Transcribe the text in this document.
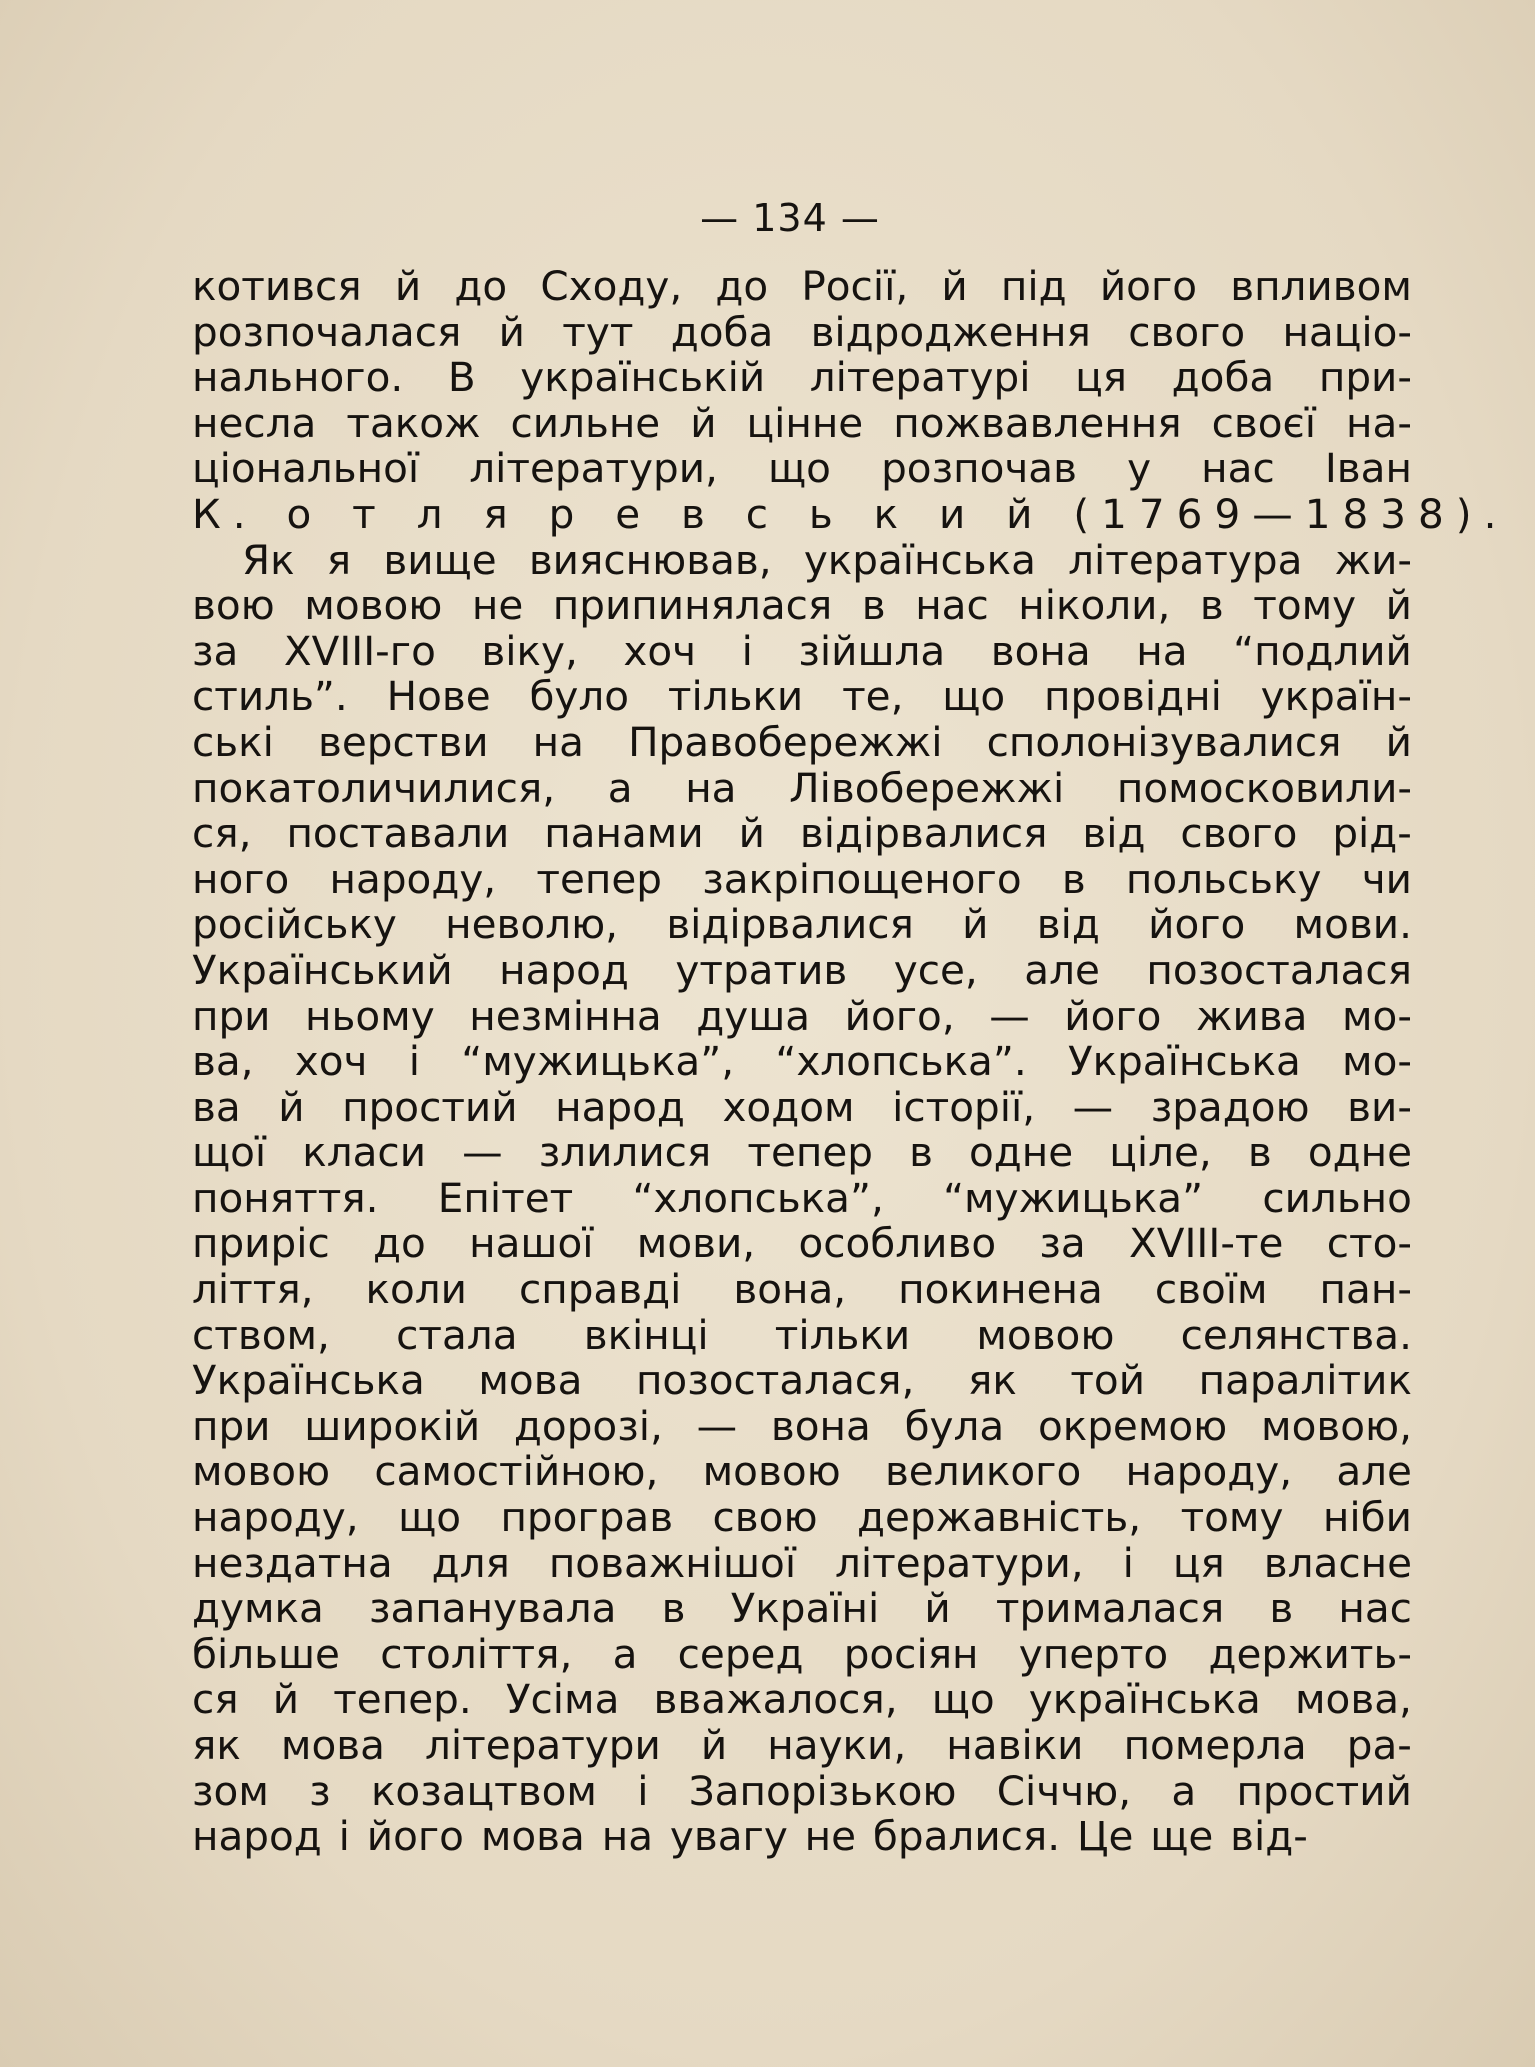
— 134 —
котився й до Сходу, до Росії, й під його впливом
розпочалася й тут доба відродження свого націо-
нального. В українській літературі ця доба при-
несла також сильне й цінне пожвавлення своєї на-
ціональної літератури, що розпочав у нас Іван
К. о т л я р е в с ь к и й (1769—1838).
Як я вище вияснював, українська література жи-
вою мовою не припинялася в нас ніколи, в тому й
за XVIII-го віку, хоч і зійшла вона на “подлий
стиль”. Нове було тільки те, що провідні украïн-
ські верстви на Правобережжі сполонізувалися й
покатоличилися, а на Лівобережжі помосковили-
ся, поставали панами й відірвалися від свого рід-
ного народу, тепер закріпощеного в польську чи
російську неволю, відірвалися й від його мови.
Український народ утратив усе, але позосталася
при ньому незмінна душа його, — його жива мо-
ва, хоч і “мужицька”, “хлопська”. Українська мо-
ва й простий народ ходом історії, — зрадою ви-
щої класи — злилися тепер в одне ціле, в одне
поняття. Епітет “хлопська”, “мужицька” сильно
приріс до нашої мови, особливо за XVIII-те сто-
ліття, коли справді вона, покинена своїм пан-
ством, стала вкінці тільки мовою селянства.
Українська мова позосталася, як той паралітик
при широкій дорозі, — вона була окремою мовою,
мовою самостійною, мовою великого народу, але
народу, що програв свою державність, тому ніби
нездатна для поважнішої літератури, і ця власне
думка запанувала в Україні й трималася в нас
більше століття, а серед росіян уперто держить-
ся й тепер. Усіма вважалося, що українська мова,
як мова літератури й науки, навіки померла ра-
зом з козацтвом і Запорізькою Січчю, а простий
народ і його мова на увагу не бралися. Це ще від-
